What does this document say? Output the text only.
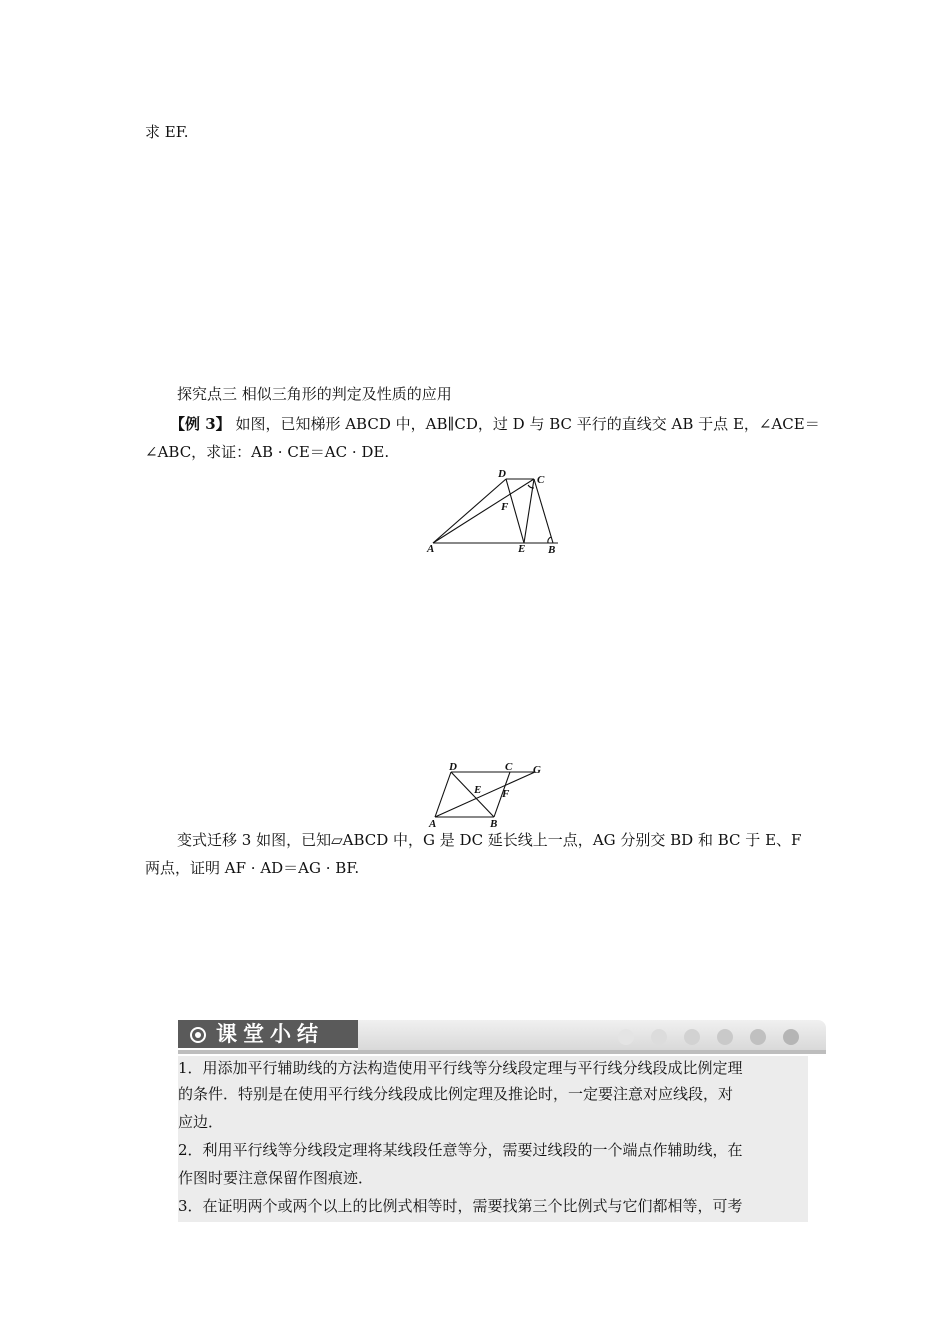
求 EF.
探究点三 相似三角形的判定及性质的应用
【例 3】 如图，已知梯形 ABCD 中，AB∥CD，过 D 与 BC 平行的直线交 AB 于点 E，∠ACE＝
∠ABC，求证：AB · CE＝AC · DE.
D	C
F
A	E B
D	C G
E F
A	B
变式迁移 3 如图，已知▱ABCD 中，G 是 DC 延长线上一点，AG 分别交 BD 和 BC 于 E、F
两点，证明 AF · AD＝AG · BF.
课堂小结
1．用添加平行辅助线的方法构造使用平行线等分线段定理与平行线分线段成比例定理
的条件．特别是在使用平行线分线段成比例定理及推论时，一定要注意对应线段，对
应边．
2．利用平行线等分线段定理将某线段任意等分，需要过线段的一个端点作辅助线，在
作图时要注意保留作图痕迹．
3．在证明两个或两个以上的比例式相等时，需要找第三个比例式与它们都相等，可考
